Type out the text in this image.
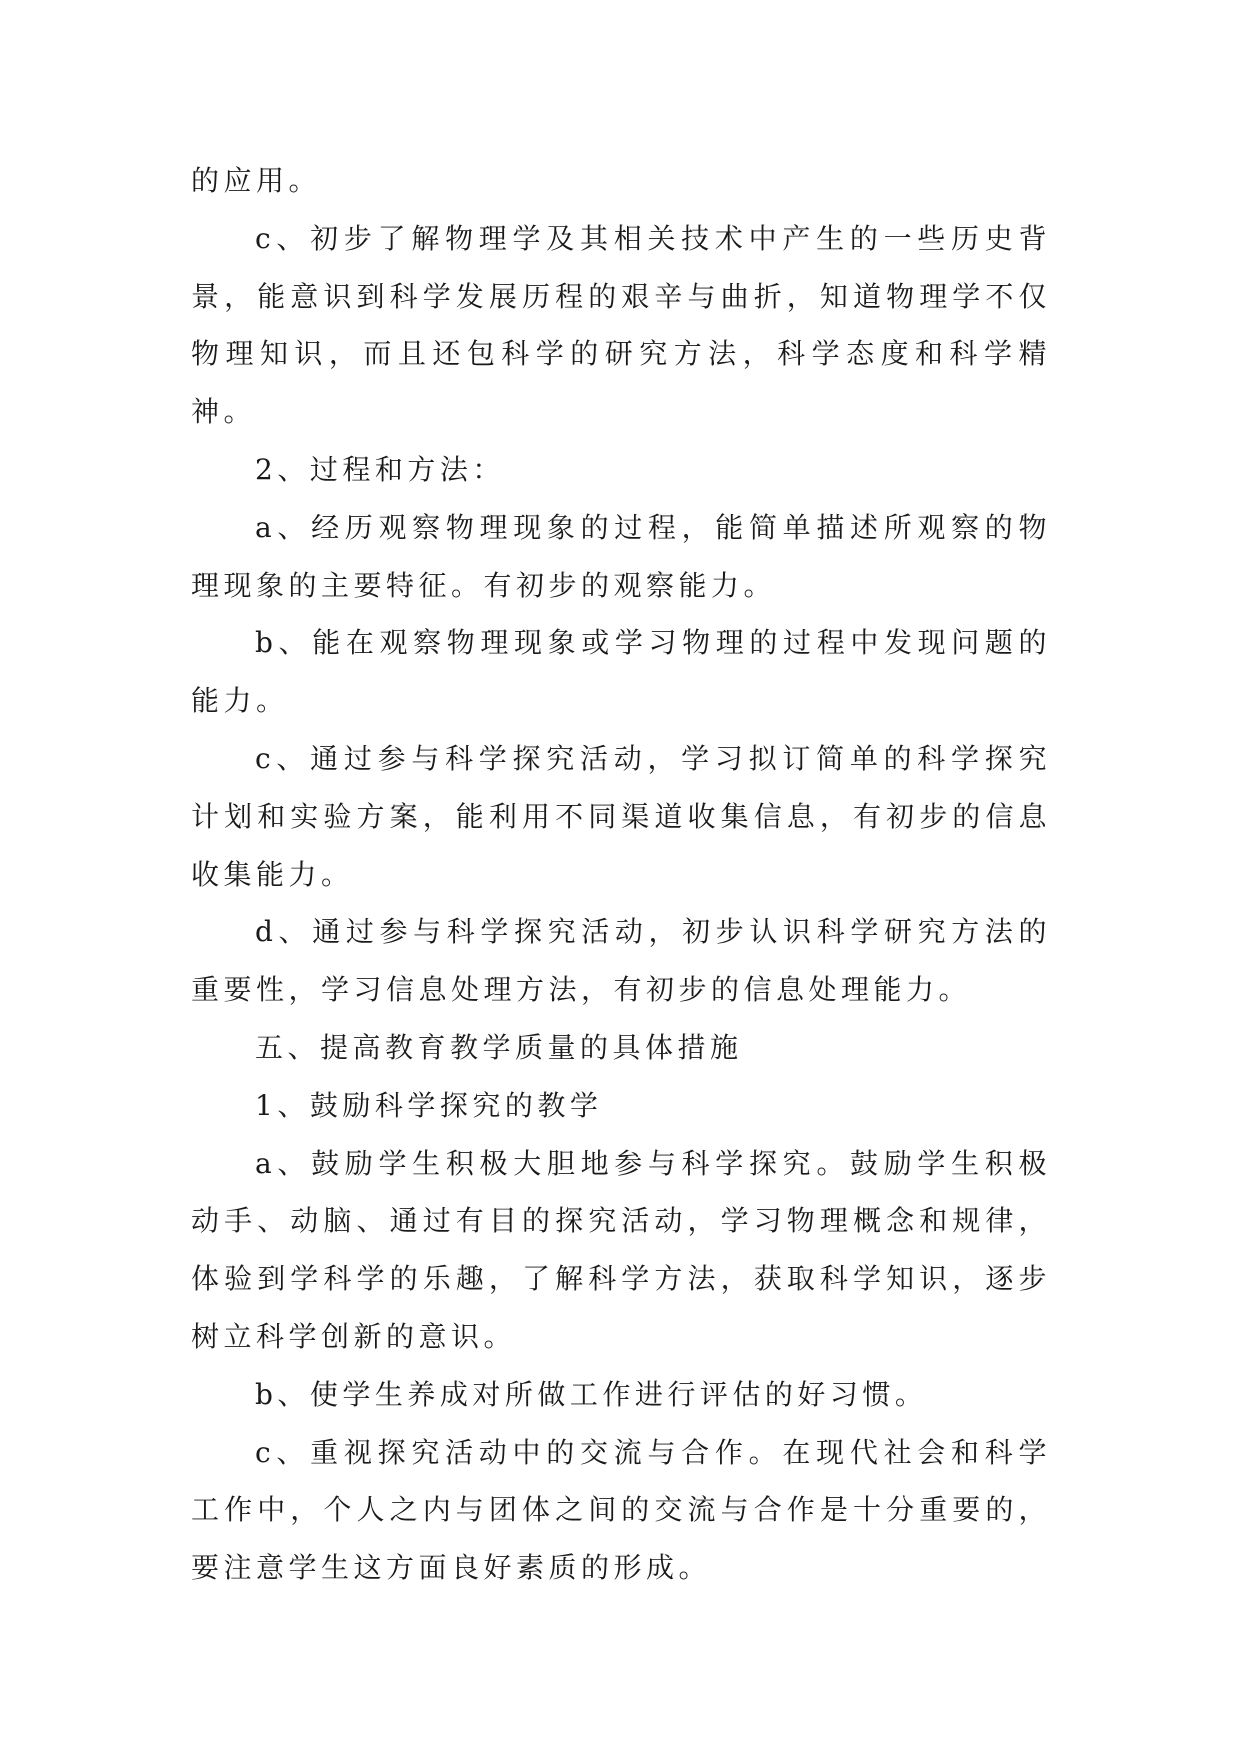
的应用。

c、初步了解物理学及其相关技术中产生的一些历史背景，能意识到科学发展历程的艰辛与曲折，知道物理学不仅物理知识，而且还包科学的研究方法，科学态度和科学精神。

2、过程和方法：

a、经历观察物理现象的过程，能简单描述所观察的物理现象的主要特征。有初步的观察能力。

b、能在观察物理现象或学习物理的过程中发现问题的能力。

c、通过参与科学探究活动，学习拟订简单的科学探究计划和实验方案，能利用不同渠道收集信息，有初步的信息收集能力。

d、通过参与科学探究活动，初步认识科学研究方法的重要性，学习信息处理方法，有初步的信息处理能力。

五、提高教育教学质量的具体措施

1、鼓励科学探究的教学

a、鼓励学生积极大胆地参与科学探究。鼓励学生积极动手、动脑、通过有目的探究活动，学习物理概念和规律，体验到学科学的乐趣，了解科学方法，获取科学知识，逐步树立科学创新的意识。

b、使学生养成对所做工作进行评估的好习惯。

c、重视探究活动中的交流与合作。在现代社会和科学工作中，个人之内与团体之间的交流与合作是十分重要的，要注意学生这方面良好素质的形成。
